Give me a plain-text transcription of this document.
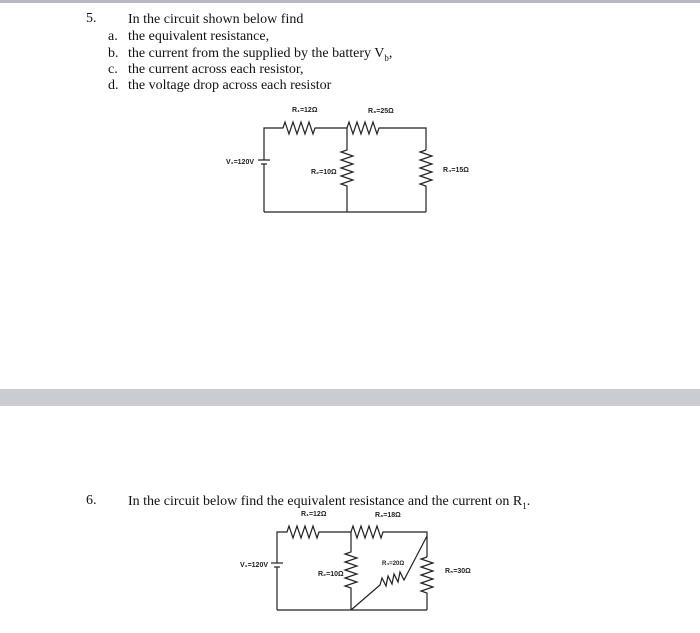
5. In the circuit shown below find
a. the equivalent resistance,
b. the current from the supplied by the battery $V_b$,
c. the current across each resistor,
d. the voltage drop across each resistor
R₁=12Ω	R₃=25Ω
V₁=120V
R₂=10Ω	R₄=15Ω
6. In the circuit below find the equivalent resistance and the current on $R_1$.
R₁=12Ω	R₃=18Ω
V₁=120V
R₂=10Ω
R₄=20Ω
R₅=30Ω
